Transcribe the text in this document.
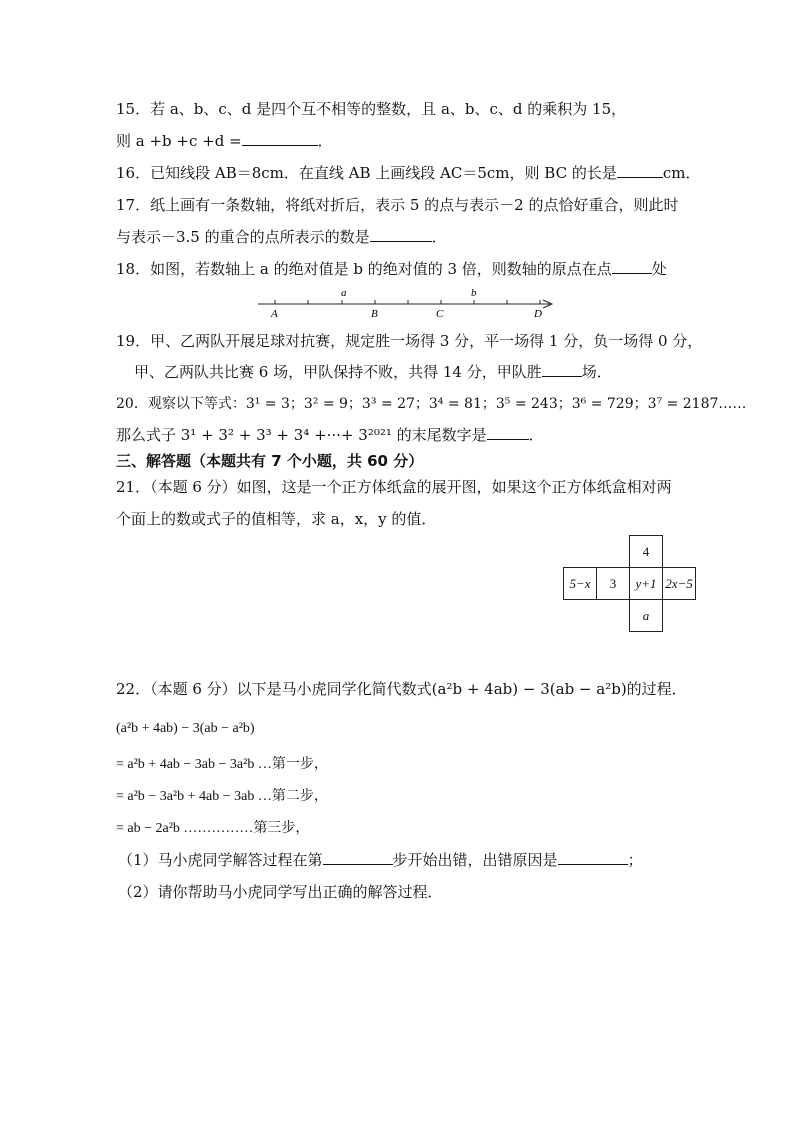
15．若 a、b、c、d 是四个互不相等的整数，且 a、b、c、d 的乘积为 15，
则 a +b +c +d =	．
16．已知线段 AB＝8cm．在直线 AB 上画线段 AC＝5cm，则 BC 的长是	cm．
17．纸上画有一条数轴，将纸对折后，表示 5 的点与表示－2 的点恰好重合，则此时
与表示－3.5 的重合的点所表示的数是	．
18．如图，若数轴上 a 的绝对值是 b 的绝对值的 3 倍，则数轴的原点在点	处
a	b
A	B	C	D
19．甲、乙两队开展足球对抗赛，规定胜一场得 3 分，平一场得 1 分，负一场得 0 分，
甲、乙两队共比赛 6 场，甲队保持不败，共得 14 分，甲队胜	场．
20．观察以下等式：3¹ = 3；3² = 9；3³ = 27；3⁴ = 81；3⁵ = 243；3⁶ = 729；3⁷ = 2187……
那么式子 3¹ + 3² + 3³ + 3⁴ +···+ 3²⁰²¹ 的末尾数字是	．
三、解答题（本题共有 7 个小题，共 60 分）
21．（本题 6 分）如图，这是一个正方体纸盒的展开图，如果这个正方体纸盒相对两
个面上的数或式子的值相等，求 a，x，y 的值．
		4	
5−x	3	y+1	2x−5
		a	
22．（本题 6 分）以下是马小虎同学化简代数式(a²b + 4ab) − 3(ab − a²b)的过程．
(a²b + 4ab) − 3(ab − a²b)
= a²b + 4ab − 3ab − 3a²b …第一步，
= a²b − 3a²b + 4ab − 3ab …第二步，
= ab − 2a²b ……………第三步，
（1）马小虎同学解答过程在第	步开始出错，出错原因是	；
（2）请你帮助马小虎同学写出正确的解答过程．
